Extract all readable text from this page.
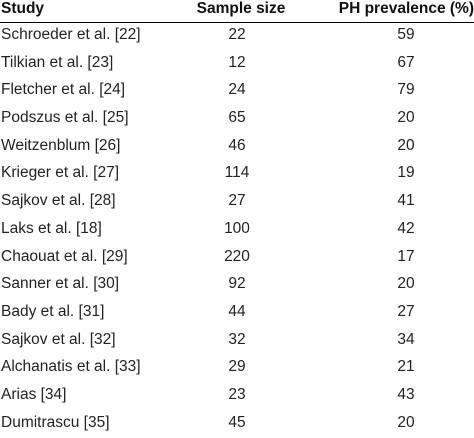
Study	Sample size	PH prevalence (%)
Schroeder et al. [22]	22	59
Tilkian et al. [23]	12	67
Fletcher et al. [24]	24	79
Podszus et al. [25]	65	20
Weitzenblum [26]	46	20
Krieger et al. [27]	114	19
Sajkov et al. [28]	27	41
Laks et al. [18]	100	42
Chaouat et al. [29]	220	17
Sanner et al. [30]	92	20
Bady et al. [31]	44	27
Sajkov et al. [32]	32	34
Alchanatis et al. [33]	29	21
Arias [34]	23	43
Dumitrascu [35]	45	20
